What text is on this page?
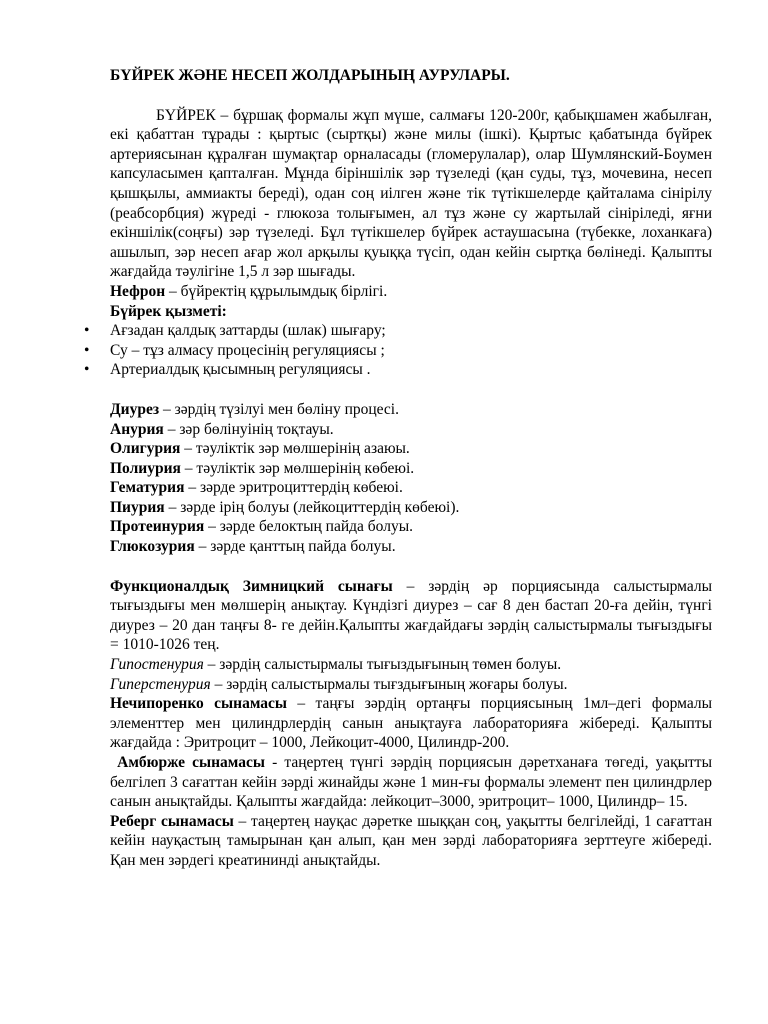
БҮЙРЕК ЖӘНЕ НЕСЕП ЖОЛДАРЫНЫҢ АУРУЛАРЫ.

БҮЙРЕК – бұршақ формалы жұп мүше, салмағы 120-200г, қабықшамен жабылған, екі қабаттан тұрады : қыртыс (сыртқы) және милы (ішкі). Қыртыс қабатында бүйрек артериясынан құралған шумақтар орналасады (гломерулалар), олар Шумлянский-Боумен капсуласымен қапталған. Мұнда біріншілік зәр түзеледі (қан суды, тұз, мочевина, несеп қышқылы, аммиакты береді), одан соң иілген және тік түтікшелерде қайталама сінірілу (реабсорбция) жүреді - глюкоза толығымен, ал тұз және су жартылай сініріледі, яғни екіншілік(соңғы) зәр түзеледі. Бұл түтікшелер бүйрек астаушасына (түбекке, лоханкаға) ашылып, зәр несеп ағар жол арқылы қуыққа түсіп, одан кейін сыртқа бөлінеді. Қалыпты жағдайда тәулігіне 1,5 л зәр шығады.

Нефрон – бүйректің құрылымдық бірлігі.

Бүйрек қызметі:

• Ағзадан қалдық заттарды (шлак) шығару;
• Су – тұз алмасу процесінің регуляциясы ;
• Артериалдық қысымның регуляциясы .

Диурез – зәрдің түзілуі мен бөліну процесі.

Анурия – зәр бөлінуінің тоқтауы.

Олигурия – тәуліктік зәр мөлшерінің азаюы.

Полиурия – тәуліктік зәр мөлшерінің көбеюі.

Гематурия – зәрде эритроциттердің көбеюі.

Пиурия – зәрде ірің болуы (лейкоциттердің көбеюі).

Протеинурия – зәрде белоктың пайда болуы.

Глюкозурия – зәрде қанттың пайда болуы.

Функционалдық Зимницкий сынағы – зәрдің әр порциясында салыстырмалы тығыздығы мен мөлшерің анықтау. Күндізгі диурез – сағ 8 ден бастап 20-ға дейін, түнгі диурез – 20 дан таңғы 8- ге дейін.Қалыпты жағдайдағы зәрдің салыстырмалы тығыздығы = 1010-1026 тең.

Гипостенурия – зәрдің салыстырмалы тығыздығының төмен болуы.

Гиперстенурия – зәрдің салыстырмалы тығздығының жоғары болуы.

Нечипоренко сынамасы – таңғы зәрдің ортаңғы порциясының 1мл–дегі формалы элементтер мен цилиндрлердің санын анықтауға лабораторияға жібереді. Қалыпты жағдайда : Эритроцит – 1000, Лейкоцит-4000, Цилиндр-200.

Амбюрже сынамасы - таңертең түнгі зәрдің порциясын дәретханаға төгеді, уақытты белгілеп 3 сағаттан кейін зәрді жинайды және 1 мин-ғы формалы элемент пен цилиндрлер санын анықтайды. Қалыпты жағдайда: лейкоцит–3000, эритроцит– 1000, Цилиндр– 15.

Реберг сынамасы – таңертең науқас дәретке шыққан соң, уақытты белгілейді, 1 сағаттан кейін науқастың тамырынан қан алып, қан мен зәрді лабораторияға зерттеуге жібереді. Қан мен зәрдегі креатининді анықтайды.
